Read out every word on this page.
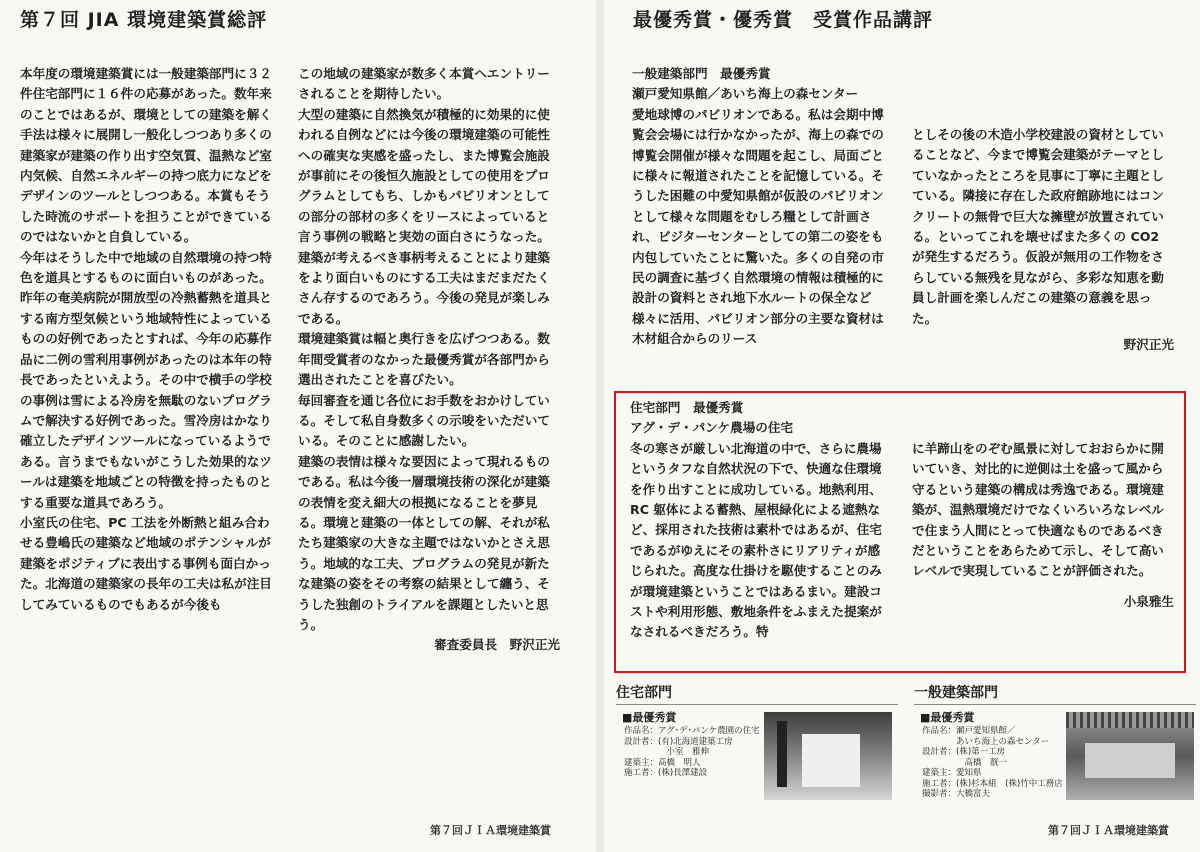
第７回 JIA 環境建築賞総評

本年度の環境建築賞には一般建築部門に３２件住宅部門に１６件の応募があった。数年来のことではあるが、環境としての建築を解く手法は様々に展開し一般化しつつあり多くの建築家が建築の作り出す空気質、温熱など室内気候、自然エネルギーの持つ底力になどをデザインのツールとしつつある。本賞もそうした時流のサポートを担うことができているのではないかと自負している。

今年はそうした中で地域の自然環境の持つ特色を道具とするものに面白いものがあった。昨年の奄美病院が開放型の冷熱蓄熱を道具とする南方型気候という地域特性によっているものの好例であったとすれば、今年の応募作品に二例の雪利用事例があったのは本年の特長であったといえよう。その中で横手の学校の事例は雪による冷房を無駄のないプログラムで解決する好例であった。雪冷房はかなり確立したデザインツールになっているようである。言うまでもないがこうした効果的なツールは建築を地域ごとの特徴を持ったものとする重要な道具であろう。

小室氏の住宅、PC 工法を外断熱と組み合わせる豊嶋氏の建築など地域のポテンシャルが建築をポジティブに表出する事例も面白かった。北海道の建築家の長年の工夫は私が注目してみているものでもあるが今後も

この地域の建築家が数多く本賞へエントリーされることを期待したい。

大型の建築に自然換気が積極的に効果的に使われる自例などには今後の環境建築の可能性への確実な実感を盛ったし、また博覧会施設が事前にその後恒久施設としての使用をプログラムとしてもち、しかもパビリオンとしての部分の部材の多くをリースによっていると言う事例の戦略と実効の面白さにうなった。建築が考えるべき事柄考えることにより建築をより面白いものにする工夫はまだまだたくさん存するのであろう。今後の発見が楽しみである。

環境建築賞は幅と奥行きを広げつつある。数年間受賞者のなかった最優秀賞が各部門から選出されたことを喜びたい。

毎回審査を通じ各位にお手数をおかけしている。そして私自身数多くの示唆をいただいている。そのことに感謝したい。

建築の表情は様々な要因によって現れるものである。私は今後一層環境技術の深化が建築の表情を変え細大の根拠になることを夢見る。環境と建築の一体としての解、それが私たち建築家の大きな主題ではないかとさえ思う。地域的な工夫、プログラムの発見が新たな建築の姿をその考察の結果として纏う、そうした独創のトライアルを課題としたいと思う。

審査委員長　野沢正光

第７回ＪＩＡ環境建築賞
最優秀賞・優秀賞　受賞作品講評

一般建築部門　最優秀賞

瀬戸愛知県館／あいち海上の森センター

愛地球博のパビリオンである。私は会期中博覧会会場には行かなかったが、海上の森での博覧会開催が様々な問題を起こし、局面ごとに様々に報道されたことを記憶している。そうした困難の中愛知県館が仮設のパビリオンとして様々な問題をむしろ糧として計画され、ビジターセンターとしての第二の姿をも内包していたことに驚いた。多くの自発の市民の調査に基づく自然環境の情報は積極的に設計の資料とされ地下水ルートの保全など様々に活用、パビリオン部分の主要な資材は木材組合からのリース

としその後の木造小学校建設の資材としていることなど、今まで博覧会建築がテーマとしていなかったところを見事に丁寧に主題としている。隣接に存在した政府館跡地にはコンクリートの無骨で巨大な擁壁が放置されている。といってこれを壊せばまた多くの CO2 が発生するだろう。仮設が無用の工作物をさらしている無残を見ながら、多彩な知恵を動員し計画を楽しんだこの建築の意義を思った。

野沢正光

住宅部門　最優秀賞

アグ・デ・パンケ農場の住宅

冬の寒さが厳しい北海道の中で、さらに農場というタフな自然状況の下で、快適な住環境を作り出すことに成功している。地熱利用、RC 躯体による蓄熱、屋根緑化による遮熱など、採用された技術は素朴ではあるが、住宅であるがゆえにその素朴さにリアリティが感じられた。高度な仕掛けを駆使することのみが環境建築ということではあるまい。建設コストや利用形態、敷地条件をふまえた提案がなされるべきだろう。特

に羊蹄山をのぞむ風景に対しておおらかに開いていき、対比的に逆側は土を盛って風から守るという建築の構成は秀逸である。環境建築が、温熱環境だけでなくいろいろなレベルで住まう人間にとって快適なものであるべきだということをあらためて示し、そして高いレベルで実現していることが評価された。

小泉雅生

住宅部門
■最優秀賞
作品名：アグ･デ･パンケ農園の住宅
設計者：(有)北海道建築工房
　　　　　小室　雅伸
建築主：高橋　明人
施工者：(株)長澤建設
一般建築部門
■最優秀賞
作品名：瀬戸愛知県館／
　　　　あいち海上の森センター
設計者：(株)第一工房
　　　　　高橋　靗一
建築主：愛知県
施工者：(株)杉本組　(株)竹中工務店
撮影者：大橋富夫
第７回ＪＩＡ環境建築賞
